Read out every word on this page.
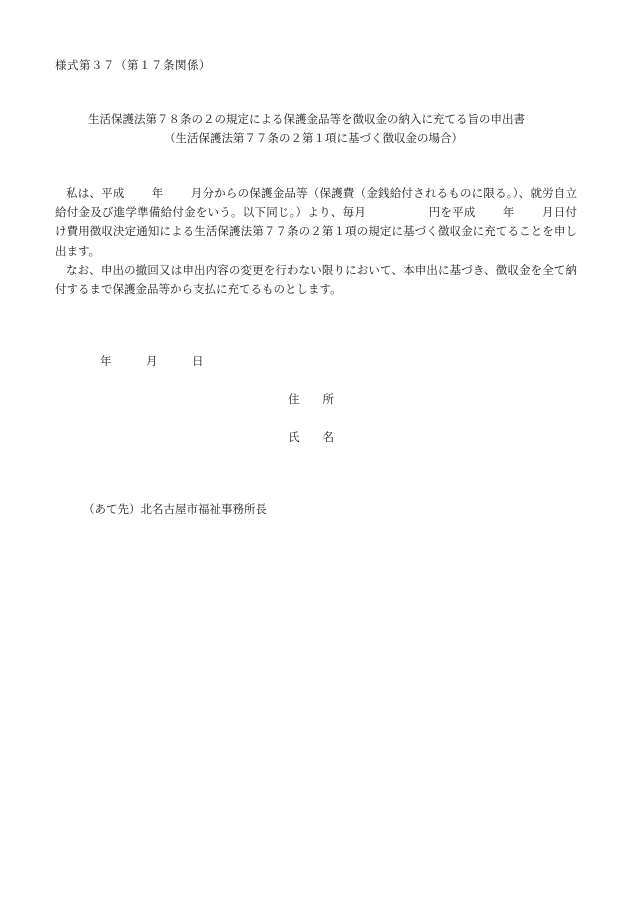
様式第３７（第１７条関係）
生活保護法第７８条の２の規定による保護金品等を徴収金の納入に充てる旨の申出書
（生活保護法第７７条の２第１項に基づく徴収金の場合）

私は、平成　　 年　　 月分からの保護金品等（保護費（金銭給付されるものに限る。）、就労自立給付金及び進学準備給付金をいう。以下同じ。）より、毎月　　　　　 円を平成　　 年　　 月日付け費用徴収決定通知による生活保護法第７７条の２第１項の規定に基づく徴収金に充てることを申し出ます。

なお、申出の撤回又は申出内容の変更を行わない限りにおいて、本申出に基づき、徴収金を全て納付するまで保護金品等から支払に充てるものとします。

年　　　月　　　日
住　　所
氏　　名
（あて先）北名古屋市福祉事務所長
